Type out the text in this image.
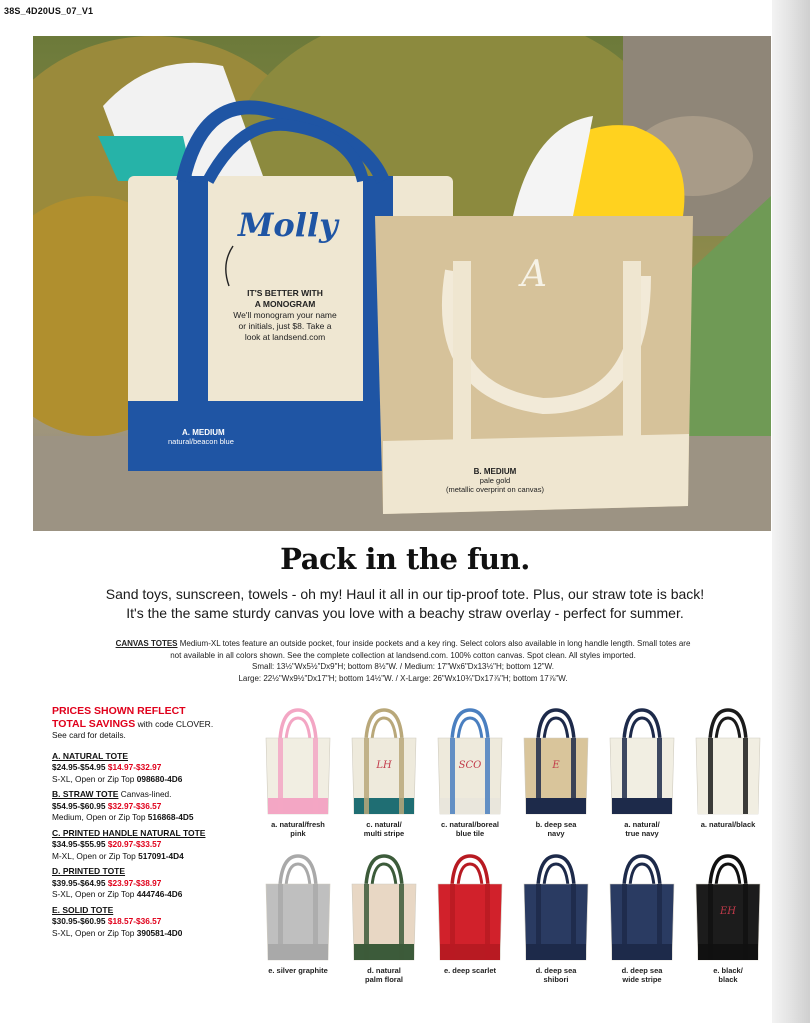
38S_4D20US_07_V1
Molly
A
IT'S BETTER WITH
A MONOGRAM
We'll monogram your name
or initials, just $8. Take a
look at landsend.com
A. MEDIUM
natural/beacon blue
B. MEDIUM
pale gold
(metallic overprint on canvas)
Pack in the fun.

Sand toys, sunscreen, towels - oh my! Haul it all in our tip-proof tote. Plus, our straw tote is back!

It's the the same sturdy canvas you love with a beachy straw overlay - perfect for summer.

CANVAS TOTES Medium-XL totes feature an outside pocket, four inside pockets and a key ring. Select colors also available in long handle length. Small totes are
not available in all colors shown. See the complete collection at landsend.com. 100% cotton canvas. Spot clean. All styles imported.
Small: 13½"Wx5½"Dx9"H; bottom 8½"W. / Medium: 17"Wx6"Dx13½"H; bottom 12"W.
Large: 22½"Wx9½"Dx17"H; bottom 14½"W. / X-Large: 26"Wx10¾"Dx17⅞"H; bottom 17⅞"W.
PRICES SHOWN REFLECT
TOTAL SAVINGS with code CLOVER.
See card for details.
A. NATURAL TOTE
$24.95-$54.95 $14.97-$32.97
S-XL, Open or Zip Top 098680-4D6
B. STRAW TOTE Canvas-lined.
$54.95-$60.95 $32.97-$36.57
Medium, Open or Zip Top 516868-4D5
C. PRINTED HANDLE NATURAL TOTE
$34.95-$55.95 $20.97-$33.57
M-XL, Open or Zip Top 517091-4D4
D. PRINTED TOTE
$39.95-$64.95 $23.97-$38.97
S-XL, Open or Zip Top 444746-4D6
E. SOLID TOTE
$30.95-$60.95 $18.57-$36.57
S-XL, Open or Zip Top 390581-4D0
a. natural/fresh
pink
LH
c. natural/
multi stripe
SCO
c. natural/boreal
blue tile
E
b. deep sea
navy
a. natural/
true navy
a. natural/black
e. silver graphite	d. natural
palm floral
e. deep scarlet	d. deep sea
shibori
d. deep sea
wide stripe
EH
e. black/
black
